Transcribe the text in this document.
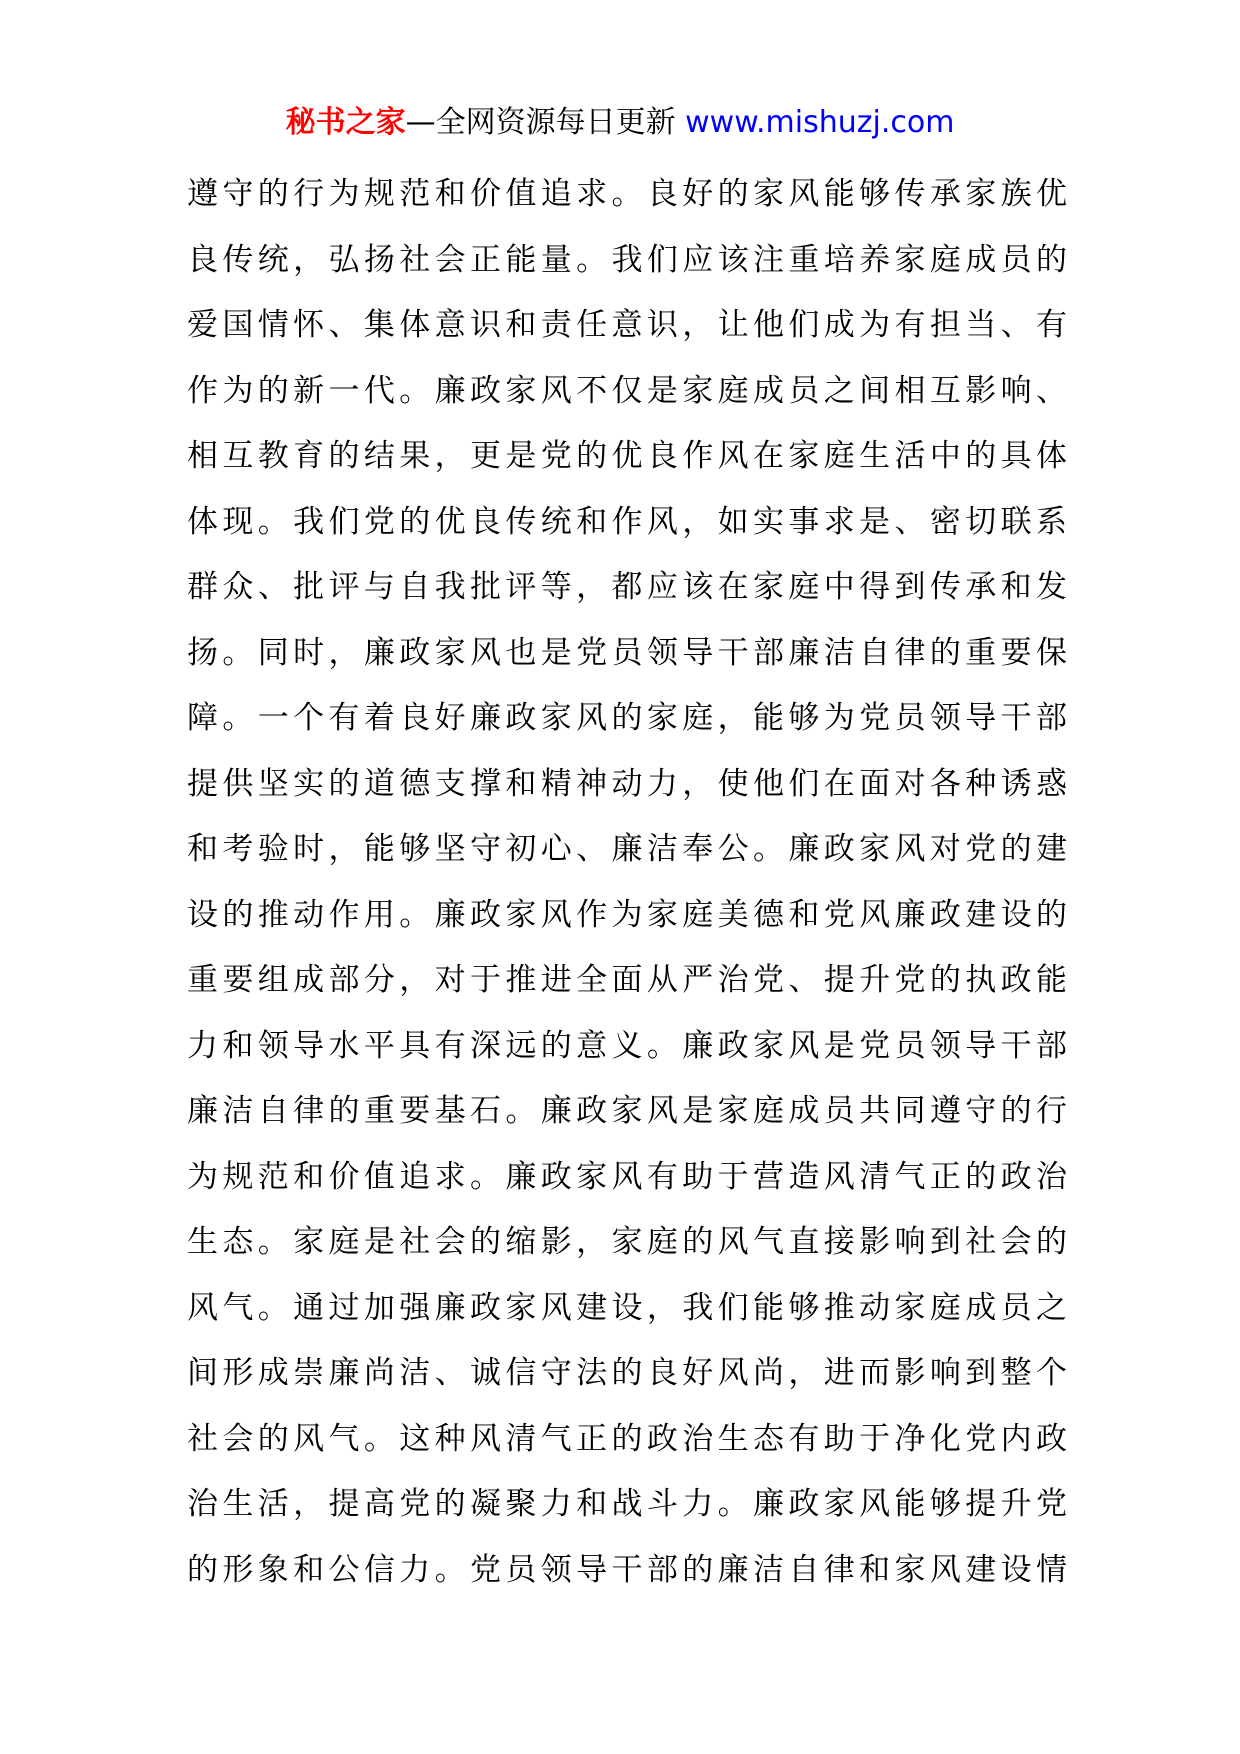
秘书之家—全网资源每日更新 www.mishuzj.com
遵守的行为规范和价值追求。良好的家风能够传承家族优
良传统，弘扬社会正能量。我们应该注重培养家庭成员的
爱国情怀、集体意识和责任意识，让他们成为有担当、有
作为的新一代。廉政家风不仅是家庭成员之间相互影响、
相互教育的结果，更是党的优良作风在家庭生活中的具体
体现。我们党的优良传统和作风，如实事求是、密切联系
群众、批评与自我批评等，都应该在家庭中得到传承和发
扬。同时，廉政家风也是党员领导干部廉洁自律的重要保
障。一个有着良好廉政家风的家庭，能够为党员领导干部
提供坚实的道德支撑和精神动力，使他们在面对各种诱惑
和考验时，能够坚守初心、廉洁奉公。廉政家风对党的建
设的推动作用。廉政家风作为家庭美德和党风廉政建设的
重要组成部分，对于推进全面从严治党、提升党的执政能
力和领导水平具有深远的意义。廉政家风是党员领导干部
廉洁自律的重要基石。廉政家风是家庭成员共同遵守的行
为规范和价值追求。廉政家风有助于营造风清气正的政治
生态。家庭是社会的缩影，家庭的风气直接影响到社会的
风气。通过加强廉政家风建设，我们能够推动家庭成员之
间形成崇廉尚洁、诚信守法的良好风尚，进而影响到整个
社会的风气。这种风清气正的政治生态有助于净化党内政
治生活，提高党的凝聚力和战斗力。廉政家风能够提升党
的形象和公信力。党员领导干部的廉洁自律和家风建设情
